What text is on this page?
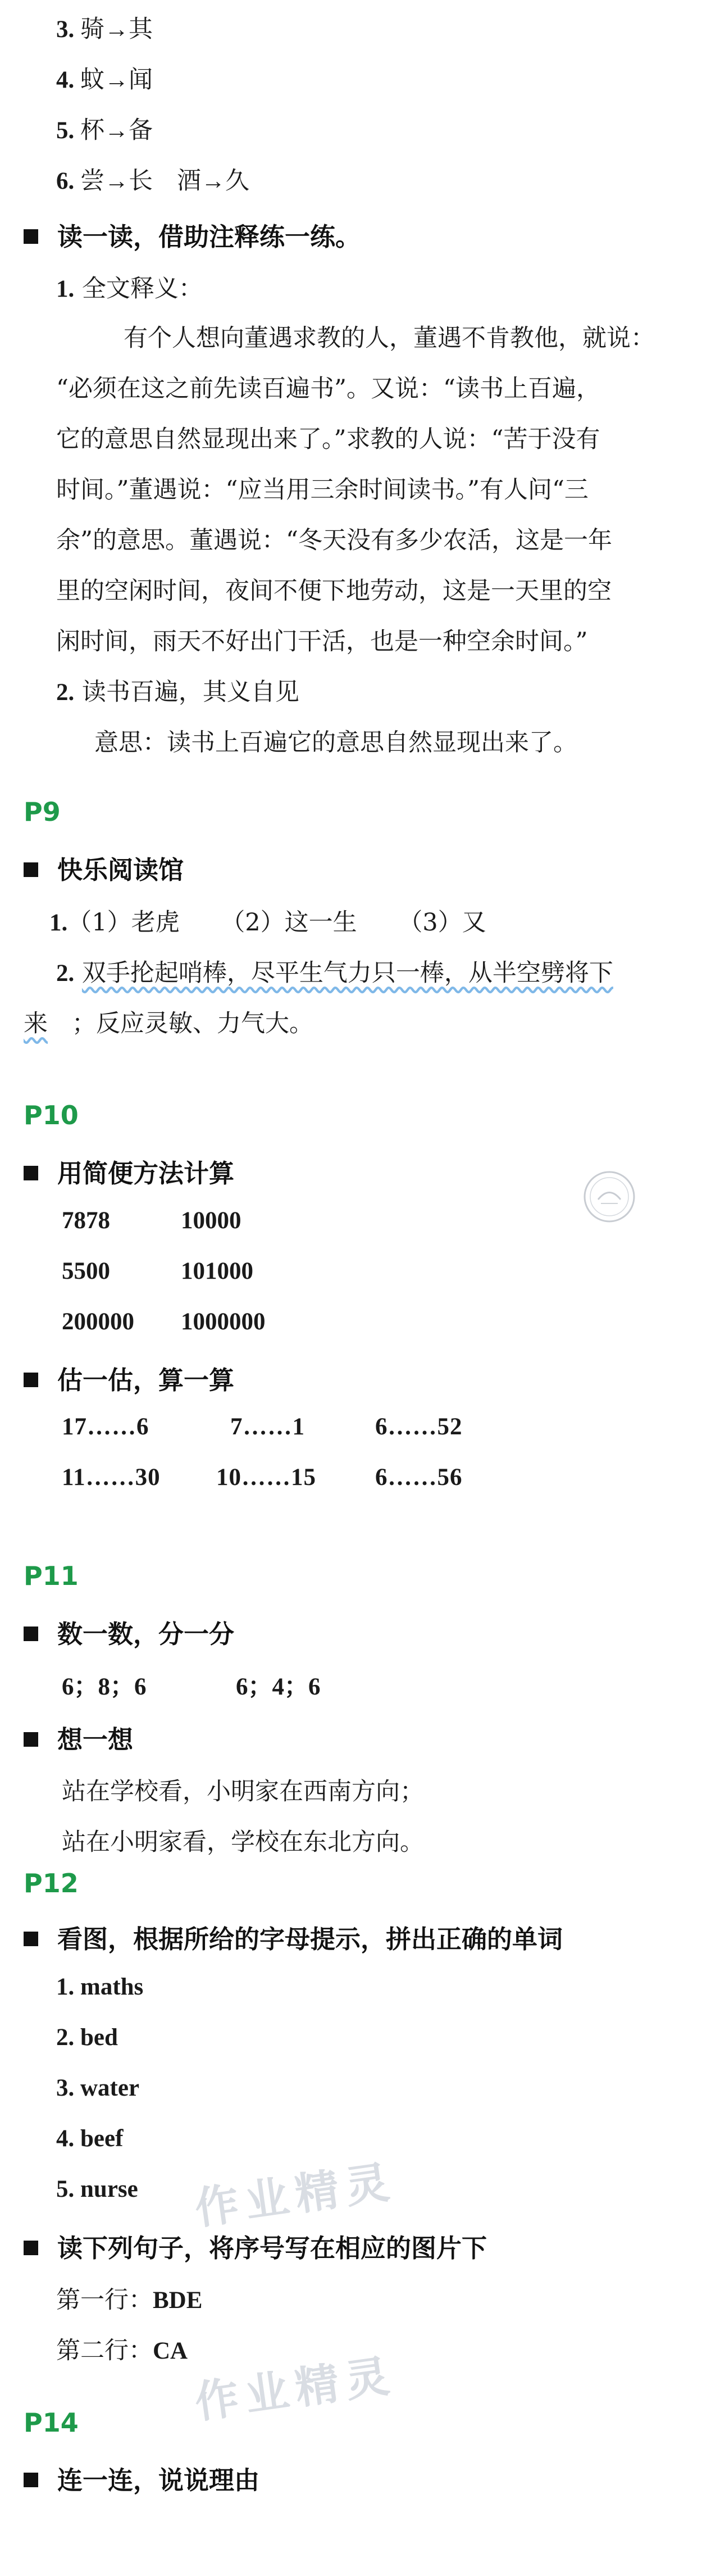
3. 骑→其
4. 蚊→闻
5. 杯→备
6. 尝→长　酒→久
读一读，借助注释练一练。
1. 全文释义：
有个人想向董遇求教的人，董遇不肯教他，就说：
“必须在这之前先读百遍书”。又说：“读书上百遍，
它的意思自然显现出来了。”求教的人说：“苦于没有
时间。”董遇说：“应当用三余时间读书。”有人问“三
余”的意思。董遇说：“冬天没有多少农活，这是一年
里的空闲时间，夜间不便下地劳动，这是一天里的空
闲时间，雨天不好出门干活，也是一种空余时间。”
2. 读书百遍，其义自见
意思：读书上百遍它的意思自然显现出来了。
P9
快乐阅读馆
1.（1）老虎 （2）这一生 （3）又
2. 双手抡起哨棒，尽平生气力只一棒，从半空劈将下
来　 ；反应灵敏、力气大。
P10
用简便方法计算
7878	10000
5500	101000
200000 1000000
估一估，算一算
17……6	7……1	6……52
11……30 10……15 6……56
P11
数一数，分一分
6；8；6	6；4；6
想一想
站在学校看，小明家在西南方向；
站在小明家看，学校在东北方向。
P12
看图，根据所给的字母提示，拼出正确的单词
1. maths
2. bed
3. water
4. beef
5. nurse
读下列句子，将序号写在相应的图片下
第一行：BDE
第二行：CA
P14
连一连，说说理由
作业精灵
作业精灵
